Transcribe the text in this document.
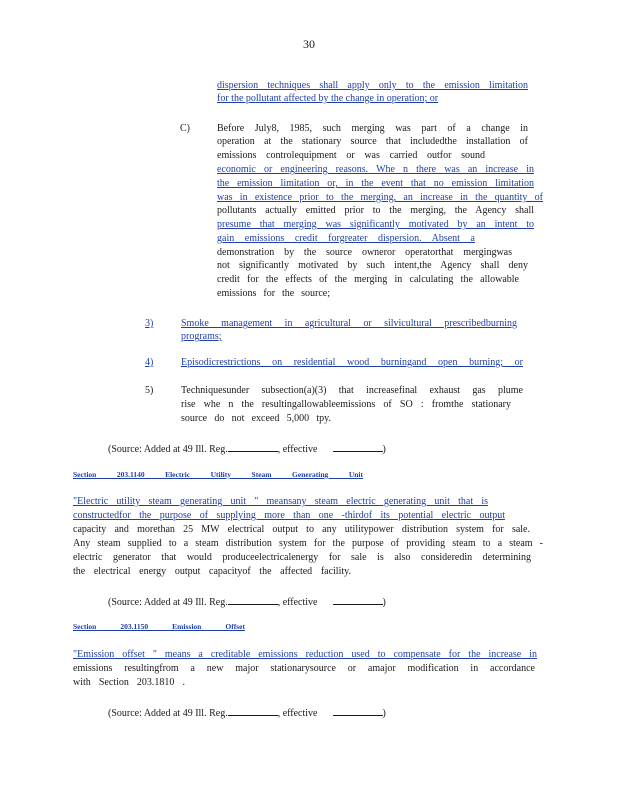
30
dispersion techniques shall apply only to the emission limitation
for the pollutant affected by the change in operation; or
C)	Before July8, 1985, such merging was part of a change in
operation at the stationary source that includedthe installation of
emissions controlequipment or was carried outfor sound
economic or engineering reasons. Whe n there was an increase in
the emission limitation or, in the event that no emission limitation
was in existence prior to the merging, an increase in the quantity of
pollutants actually emitted prior to the merging, the Agency shall
presume that merging was significantly motivated by an intent to
gain emissions credit forgreater dispersion. Absent a
demonstration by the source owneror operatorthat mergingwas
not significantly motivated by such intent,the Agency shall deny
credit for the effects of the merging in calculating the allowable
emissions for the source;
3)	Smoke management in agricultural or silvicultural prescribedburning
programs;
4)	Episodicrestrictions on residential wood burningand open burning; or
5)	Techniquesunder subsection(a)(3) that increasefinal exhaust gas plume
rise whe n the resultingallowableemissions of SO : fromthe stationary
source do not exceed 5,000 tpy.
(Source: Added at 49 Ill. Reg.	, effective	)
Section 203.1140 Electric Utility Steam Generating Unit
"Electric utility steam generating unit " meansany steam electric generating unit that is
constructedfor the purpose of supplying more than one -thirdof its potential electric output
capacity and morethan 25 MW electrical output to any utilitypower distribution system for sale.
Any steam supplied to a steam distribution system for the purpose of providing steam to a steam -
electric generator that would produceelectricalenergy for sale is also consideredin determining
the electrical energy output capacityof the affected facility.
(Source: Added at 49 Ill. Reg.	, effective	)
Section 203.1150 Emission Offset
"Emission offset " means a creditable emissions reduction used to compensate for the increase in
emissions resultingfrom a new major stationarysource or amajor modification in accordance
with Section 203.1810 .
(Source: Added at 49 Ill. Reg.	, effective	)
